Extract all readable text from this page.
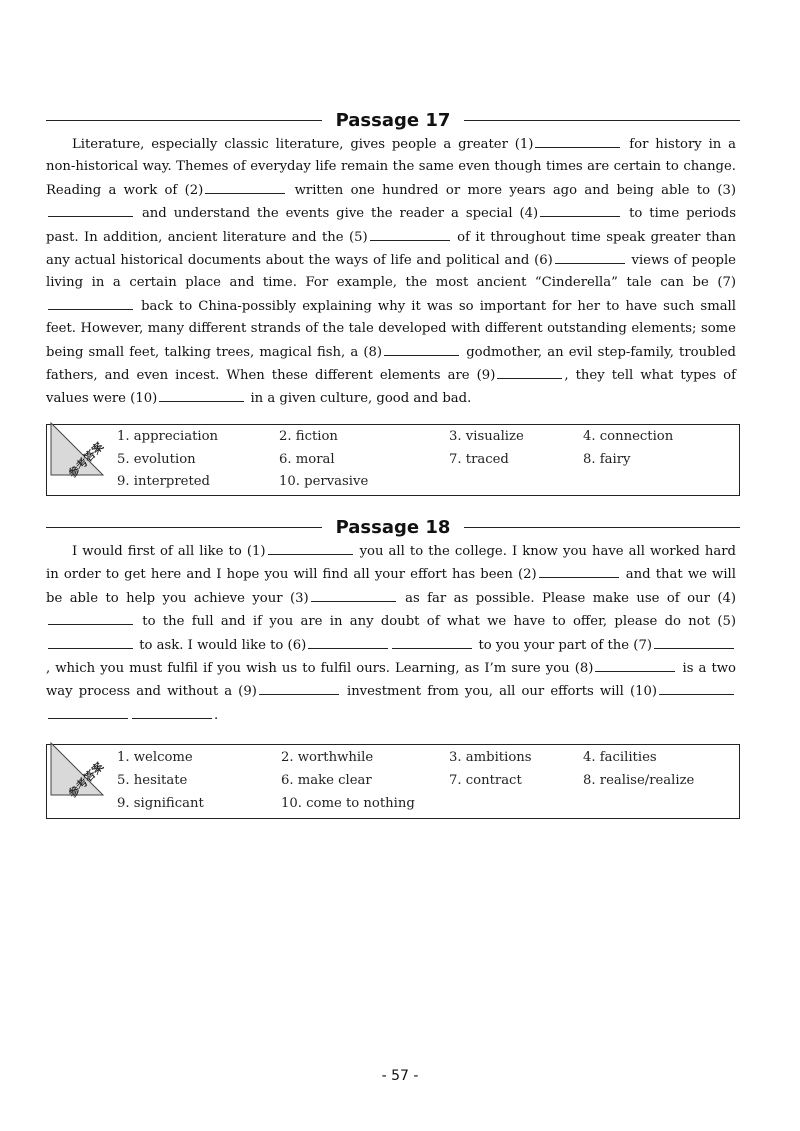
Passage 17
Literature, especially classic literature, gives people a greater (1)	for history in a non-historical way. Themes of everyday life remain the same even though times are certain to change. Reading a work of (2)	written one hundred or more years ago and being able to (3) and understand the events give the reader a special (4)	to time periods past. In addition, ancient literature and the (5)	of it throughout time speak greater than any actual historical documents about the ways of life and political and (6)	views of people living in a certain place and time. For example, the most ancient “Cinderella” tale can be (7) back to China-possibly explaining why it was so important for her to have such small feet. However, many different strands of the tale developed with different outstanding elements; some being small feet, talking trees, magical fish, a (8)	godmother, an evil step-family, troubled fathers, and even incest. When these different elements are (9)	, they tell what types of values were (10)	in a given culture, good and bad.
参考答案
1. appreciation	2. fiction	3. visualize	4. connection
5. evolution	6. moral	7. traced	8. fairy
9. interpreted	10. pervasive
Passage 18
I would first of all like to (1)	you all to the college. I know you have all worked hard in order to get here and I hope you will find all your effort has been (2)	and that we will be able to help you achieve your (3)	as far as possible. Please make use of our (4) to the full and if you are in any doubt of what we have to offer, please do not (5) to ask. I would like to (6)	to you your part of the (7), which you must fulfil if you wish us to fulfil ours. Learning, as I’m sure you (8)	is a two way process and without a (9)	investment from you, all our efforts will (10).
参考答案
1. welcome	2. worthwhile	3. ambitions	4. facilities
5. hesitate	6. make clear	7. contract	8. realise/realize
9. significant	10. come to nothing
- 57 -
